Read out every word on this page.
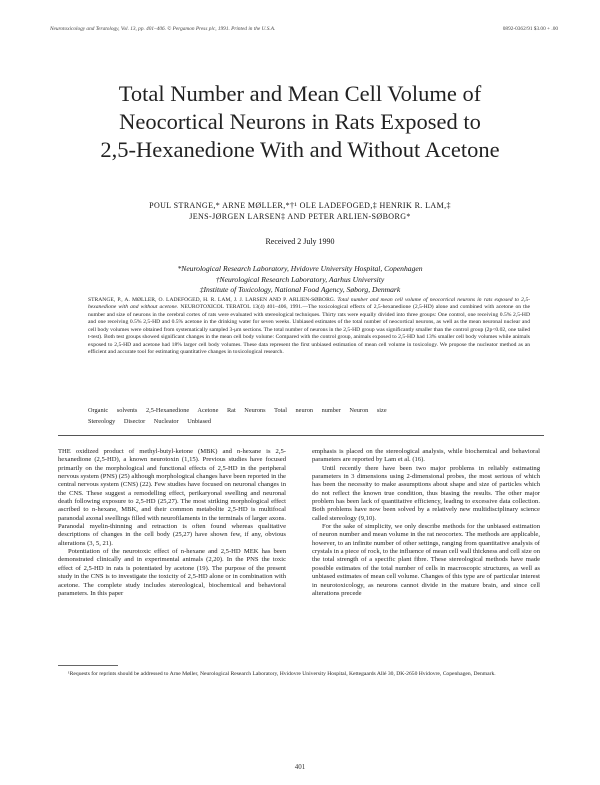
Neurotoxicology and Teratology, Vol. 13, pp. 401–406. © Pergamon Press plc, 1991. Printed in the U.S.A.	0892-0362/91 $3.00 + .00
Total Number and Mean Cell Volume of
Neocortical Neurons in Rats Exposed to
2,5-Hexanedione With and Without Acetone
POUL STRANGE,* ARNE MØLLER,*†¹ OLE LADEFOGED,‡ HENRIK R. LAM,‡
JENS-JØRGEN LARSEN‡ AND PETER ARLIEN-SØBORG*
Received 2 July 1990
*Neurological Research Laboratory, Hvidovre University Hospital, Copenhagen
†Neurological Research Laboratory, Aarhus University
‡Institute of Toxicology, National Food Agency, Søborg, Denmark
STRANGE, P., A. MØLLER, O. LADEFOGED, H. R. LAM, J. J. LARSEN AND P. ARLIEN-SØBORG. Total number and mean cell volume of neocortical neurons in rats exposed to 2,5-hexanedione with and without acetone. NEUROTOXICOL TERATOL 13(4) 401–406, 1991.—The toxicological effects of 2,5-hexanedione (2,5-HD) alone and combined with acetone on the number and size of neurons in the cerebral cortex of rats were evaluated with stereological techniques. Thirty rats were equally divided into three groups: One control, one receiving 0.5% 2,5-HD and one receiving 0.5% 2,5-HD and 0.5% acetone in the drinking water for seven weeks. Unbiased estimates of the total number of neocortical neurons, as well as the mean neuronal nuclear and cell body volumes were obtained from systematically sampled 3-μm sections. The total number of neurons in the 2,5-HD group was significantly smaller than the control group (2p<0.02, one tailed t-test). Both test groups showed significant changes in the mean cell body volume: Compared with the control group, animals exposed to 2,5-HD had 13% smaller cell body volumes while animals exposed to 2,5-HD and acetone had 18% larger cell body volumes. These data represent the first unbiased estimation of mean cell volume in toxicology. We propose the nucleator method as an efficient and accurate tool for estimating quantitative changes in toxicological research.
Organic solvents 2,5-Hexanedione Acetone Rat Neurons Total neuron number Neuron size
Stereology Disector Nucleator Unbiased

THE oxidized product of methyl-butyl-ketone (MBK) and n-hexane is 2,5-hexanedione (2,5-HD), a known neurotoxin (1,15). Previous studies have focused primarily on the morphological and functional effects of 2,5-HD in the peripheral nervous system (PNS) (25) although morphological changes have been reported in the central nervous system (CNS) (22). Few studies have focused on neuronal changes in the CNS. These suggest a remodelling effect, perikaryonal swelling and neuronal death following exposure to 2,5-HD (25,27). The most striking morphological effect ascribed to n-hexane, MBK, and their common metabolite 2,5-HD is multifocal paranodal axonal swellings filled with neurofilaments in the terminals of larger axons. Paranodal myelin-thinning and retraction is often found whereas qualitative descriptions of changes in the cell body (25,27) have shown few, if any, obvious alterations (3, 5, 21).

Potentiation of the neurotoxic effect of n-hexane and 2,5-HD MEK has been demonstrated clinically and in experimental animals (2,20). In the PNS the toxic effect of 2,5-HD in rats is potentiated by acetone (19). The purpose of the present study in the CNS is to investigate the toxicity of 2,5-HD alone or in combination with acetone. The complete study includes stereological, biochemical and behavioral parameters. In this paper

emphasis is placed on the stereological analysis, while biochemical and behavioral parameters are reported by Lam et al. (16).

Until recently there have been two major problems in reliably estimating parameters in 3 dimensions using 2-dimensional probes, the most serious of which has been the necessity to make assumptions about shape and size of particles which do not reflect the known true condition, thus biasing the results. The other major problem has been lack of quantitative efficiency, leading to excessive data collection. Both problems have now been solved by a relatively new multidisciplinary science called stereology (9,10).

For the sake of simplicity, we only describe methods for the unbiased estimation of neuron number and mean volume in the rat neocortex. The methods are applicable, however, to an infinite number of other settings, ranging from quantitative analysis of crystals in a piece of rock, to the influence of mean cell wall thickness and cell size on the total strength of a specific plant fibre. These stereological methods have made possible estimates of the total number of cells in macroscopic structures, as well as unbiased estimates of mean cell volume. Changes of this type are of particular interest in neurotoxicology, as neurons cannot divide in the mature brain, and since cell alterations precede

¹Requests for reprints should be addressed to Arne Møller, Neurological Research Laboratory, Hvidovre University Hospital, Kettegaards Allé 30, DK-2650 Hvidovre, Copenhagen, Denmark.
401
